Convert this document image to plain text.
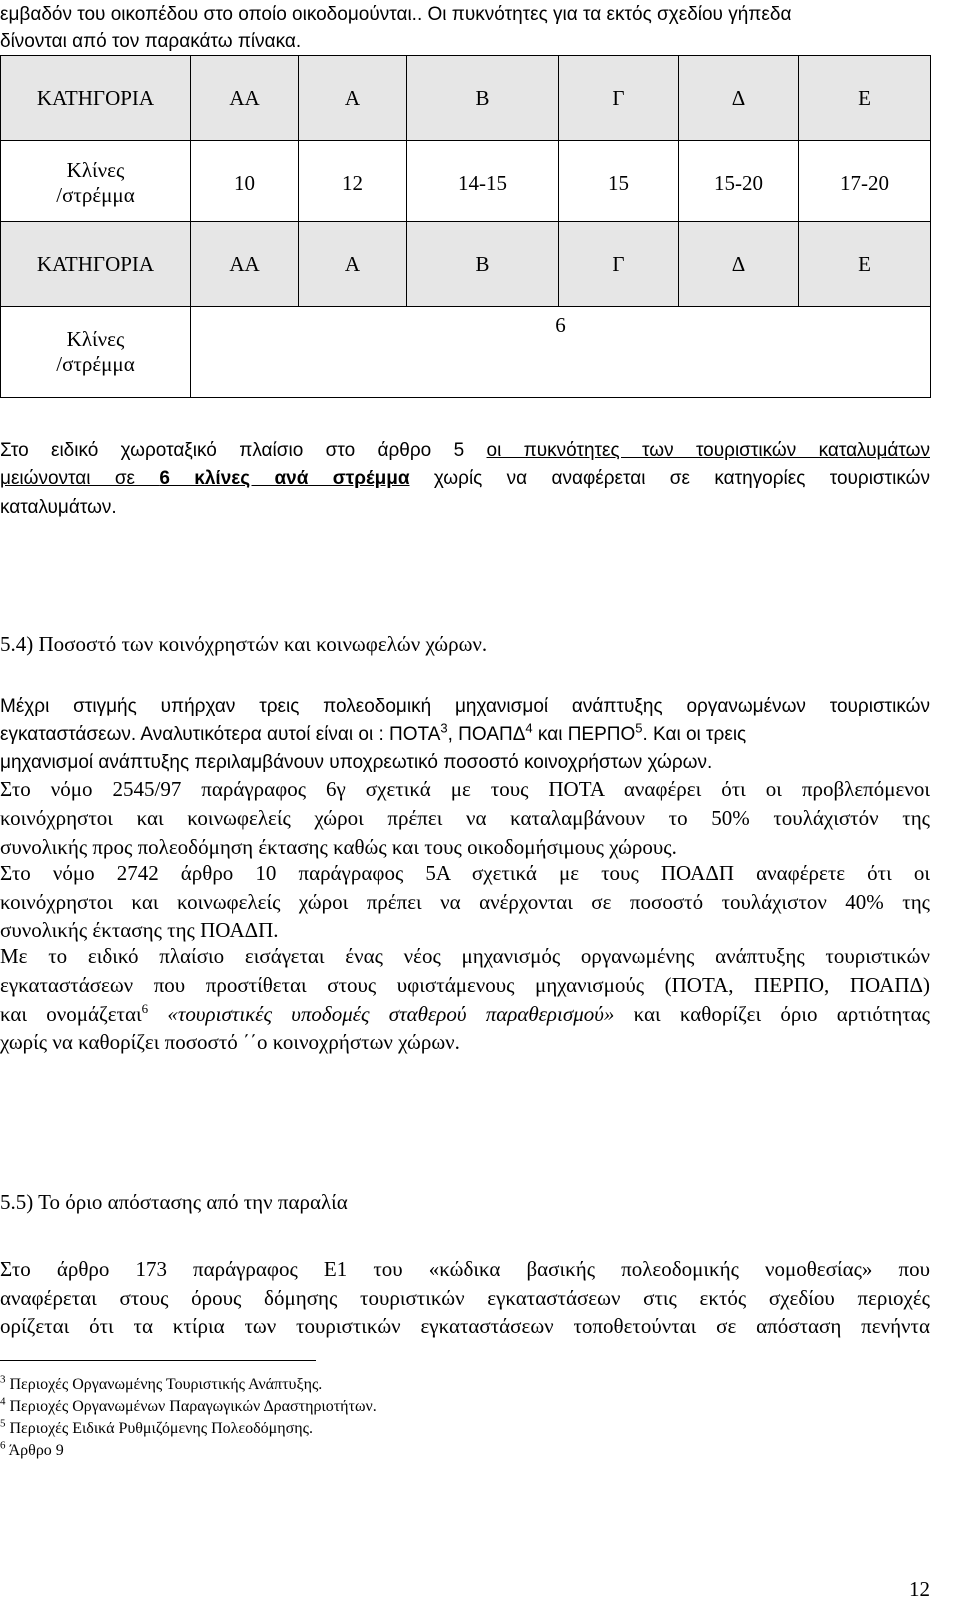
εμβαδόν του οικοπέδου στο οποίο οικοδομούνται.. Οι πυκνότητες για τα εκτός σχεδίου γήπεδα
δίνονται από τον παρακάτω πίνακα.
ΚΑΤΗΓΟΡΙΑ	ΑΑ	Α	Β	Γ	Δ	Ε

Κλίνες
/στρέμμα	10	12	14-15	15	15-20	17-20
ΚΑΤΗΓΟΡΙΑ	ΑΑ	Α	Β	Γ	Δ	Ε

Κλίνες
/στρέμμα	6					
Στο ειδικό χωροταξικό πλαίσιο στο άρθρο 5 οι πυκνότητες των τουριστικών καταλυμάτων
μειώνονται σε 6 κλίνες ανά στρέμμα χωρίς να αναφέρεται σε κατηγορίες τουριστικών
καταλυμάτων.
5.4) Ποσοστό των κοινόχρηστών και κοινωφελών χώρων.
Μέχρι στιγμής υπήρχαν τρεις πολεοδομική μηχανισμοί ανάπτυξης οργανωμένων τουριστικών
εγκαταστάσεων. Αναλυτικότερα αυτοί είναι οι : ΠΟΤΑ$^3$, ΠΟΑΠΔ$^4$ και ΠΕΡΠΟ$^5$. Και οι τρεις
μηχανισμοί ανάπτυξης περιλαμβάνουν υποχρεωτικό ποσοστό κοινοχρήστων χώρων.
Στο νόμο 2545/97 παράγραφος 6γ σχετικά με τους ΠΟΤΑ αναφέρει ότι οι προβλεπόμενοι
κοινόχρηστοι και κοινωφελείς χώροι πρέπει να καταλαμβάνουν το 50% τουλάχιστόν της
συνολικής προς πολεοδόμηση έκτασης καθώς και τους οικοδομήσιμους χώρους.
Στο νόμο 2742 άρθρο 10 παράγραφος 5Α σχετικά με τους ΠΟΑΔΠ αναφέρετε ότι οι
κοινόχρηστοι και κοινωφελείς χώροι πρέπει να ανέρχονται σε ποσοστό τουλάχιστον 40% της
συνολικής έκτασης της ΠΟΑΔΠ.
Με το ειδικό πλαίσιο εισάγεται ένας νέος μηχανισμός οργανωμένης ανάπτυξης τουριστικών
εγκαταστάσεων που προστίθεται στους υφιστάμενους μηχανισμούς (ΠΟΤΑ, ΠΕΡΠΟ, ΠΟΑΠΔ)
και ονομάζεται$^6$ «τουριστικές υποδομές σταθερού παραθερισμού» και καθορίζει όριο αρτιότητας
χωρίς να καθορίζει ποσοστό ΄΄ο κοινοχρήστων χώρων.
5.5) Το όριο απόστασης από την παραλία
Στο άρθρο 173 παράγραφος Ε1 του «κώδικα βασικής πολεοδομικής νομοθεσίας» που
αναφέρεται στους όρους δόμησης τουριστικών εγκαταστάσεων στις εκτός σχεδίου περιοχές
ορίζεται ότι τα κτίρια των τουριστικών εγκαταστάσεων τοποθετούνται σε απόσταση πενήντα
$^3$ Περιοχές Οργανωμένης Τουριστικής Ανάπτυξης.
$^4$ Περιοχές Οργανωμένων Παραγωγικών Δραστηριοτήτων.
$^5$ Περιοχές Ειδικά Ρυθμιζόμενης Πολεοδόμησης.
$^6$ Άρθρο 9
12
